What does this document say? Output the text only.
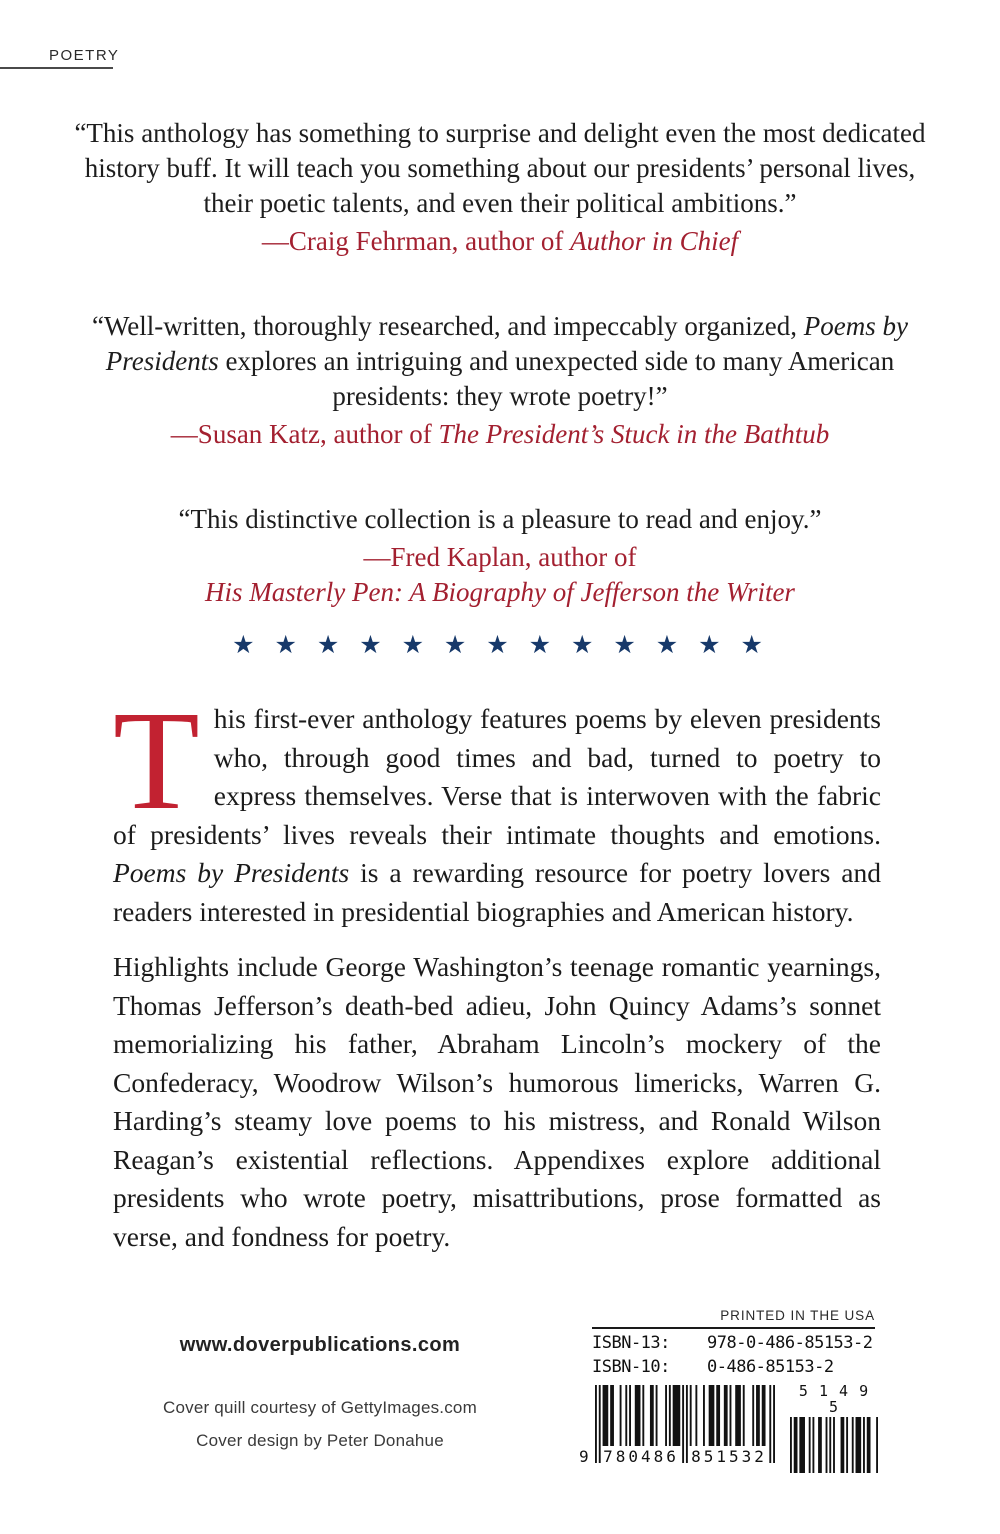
POETRY

“This anthology has something to surprise and delight even the most dedicated history buff. It will teach you something about our presidents’ personal lives, their poetic talents, and even their political ambitions.”

—Craig Fehrman, author of Author in Chief

“Well-written, thoroughly researched, and impeccably organized, Poems by Presidents explores an intriguing and unexpected side to many American presidents: they wrote poetry!”

—Susan Katz, author of The President’s Stuck in the Bathtub

“This distinctive collection is a pleasure to read and enjoy.”

—Fred Kaplan, author of
His Masterly Pen: A Biography of Jefferson the Writer

★ ★ ★ ★ ★ ★ ★ ★ ★ ★ ★ ★ ★

This first-ever anthology features poems by eleven presidents who, through good times and bad, turned to poetry to express themselves. Verse that is interwoven with the fabric of presidents’ lives reveals their intimate thoughts and emotions. Poems by Presidents is a rewarding resource for poetry lovers and readers interested in presidential biographies and American history.

Highlights include George Washington’s teenage romantic yearnings, Thomas Jefferson’s death-bed adieu, John Quincy Adams’s sonnet memorializing his father, Abraham Lincoln’s mockery of the Confederacy, Woodrow Wilson’s humorous limericks, Warren G. Harding’s steamy love poems to his mistress, and Ronald Wilson Reagan’s existential reflections. Appendixes explore additional presidents who wrote poetry, misattributions, prose formatted as verse, and fondness for poetry.

www.doverpublications.com
Cover quill courtesy of GettyImages.com
Cover design by Peter Donahue
PRINTED IN THE USA
ISBN-13:	978-0-486-85153-2
ISBN-10:	0-486-85153-2
9 780486 851532
5 1 4 9 5
